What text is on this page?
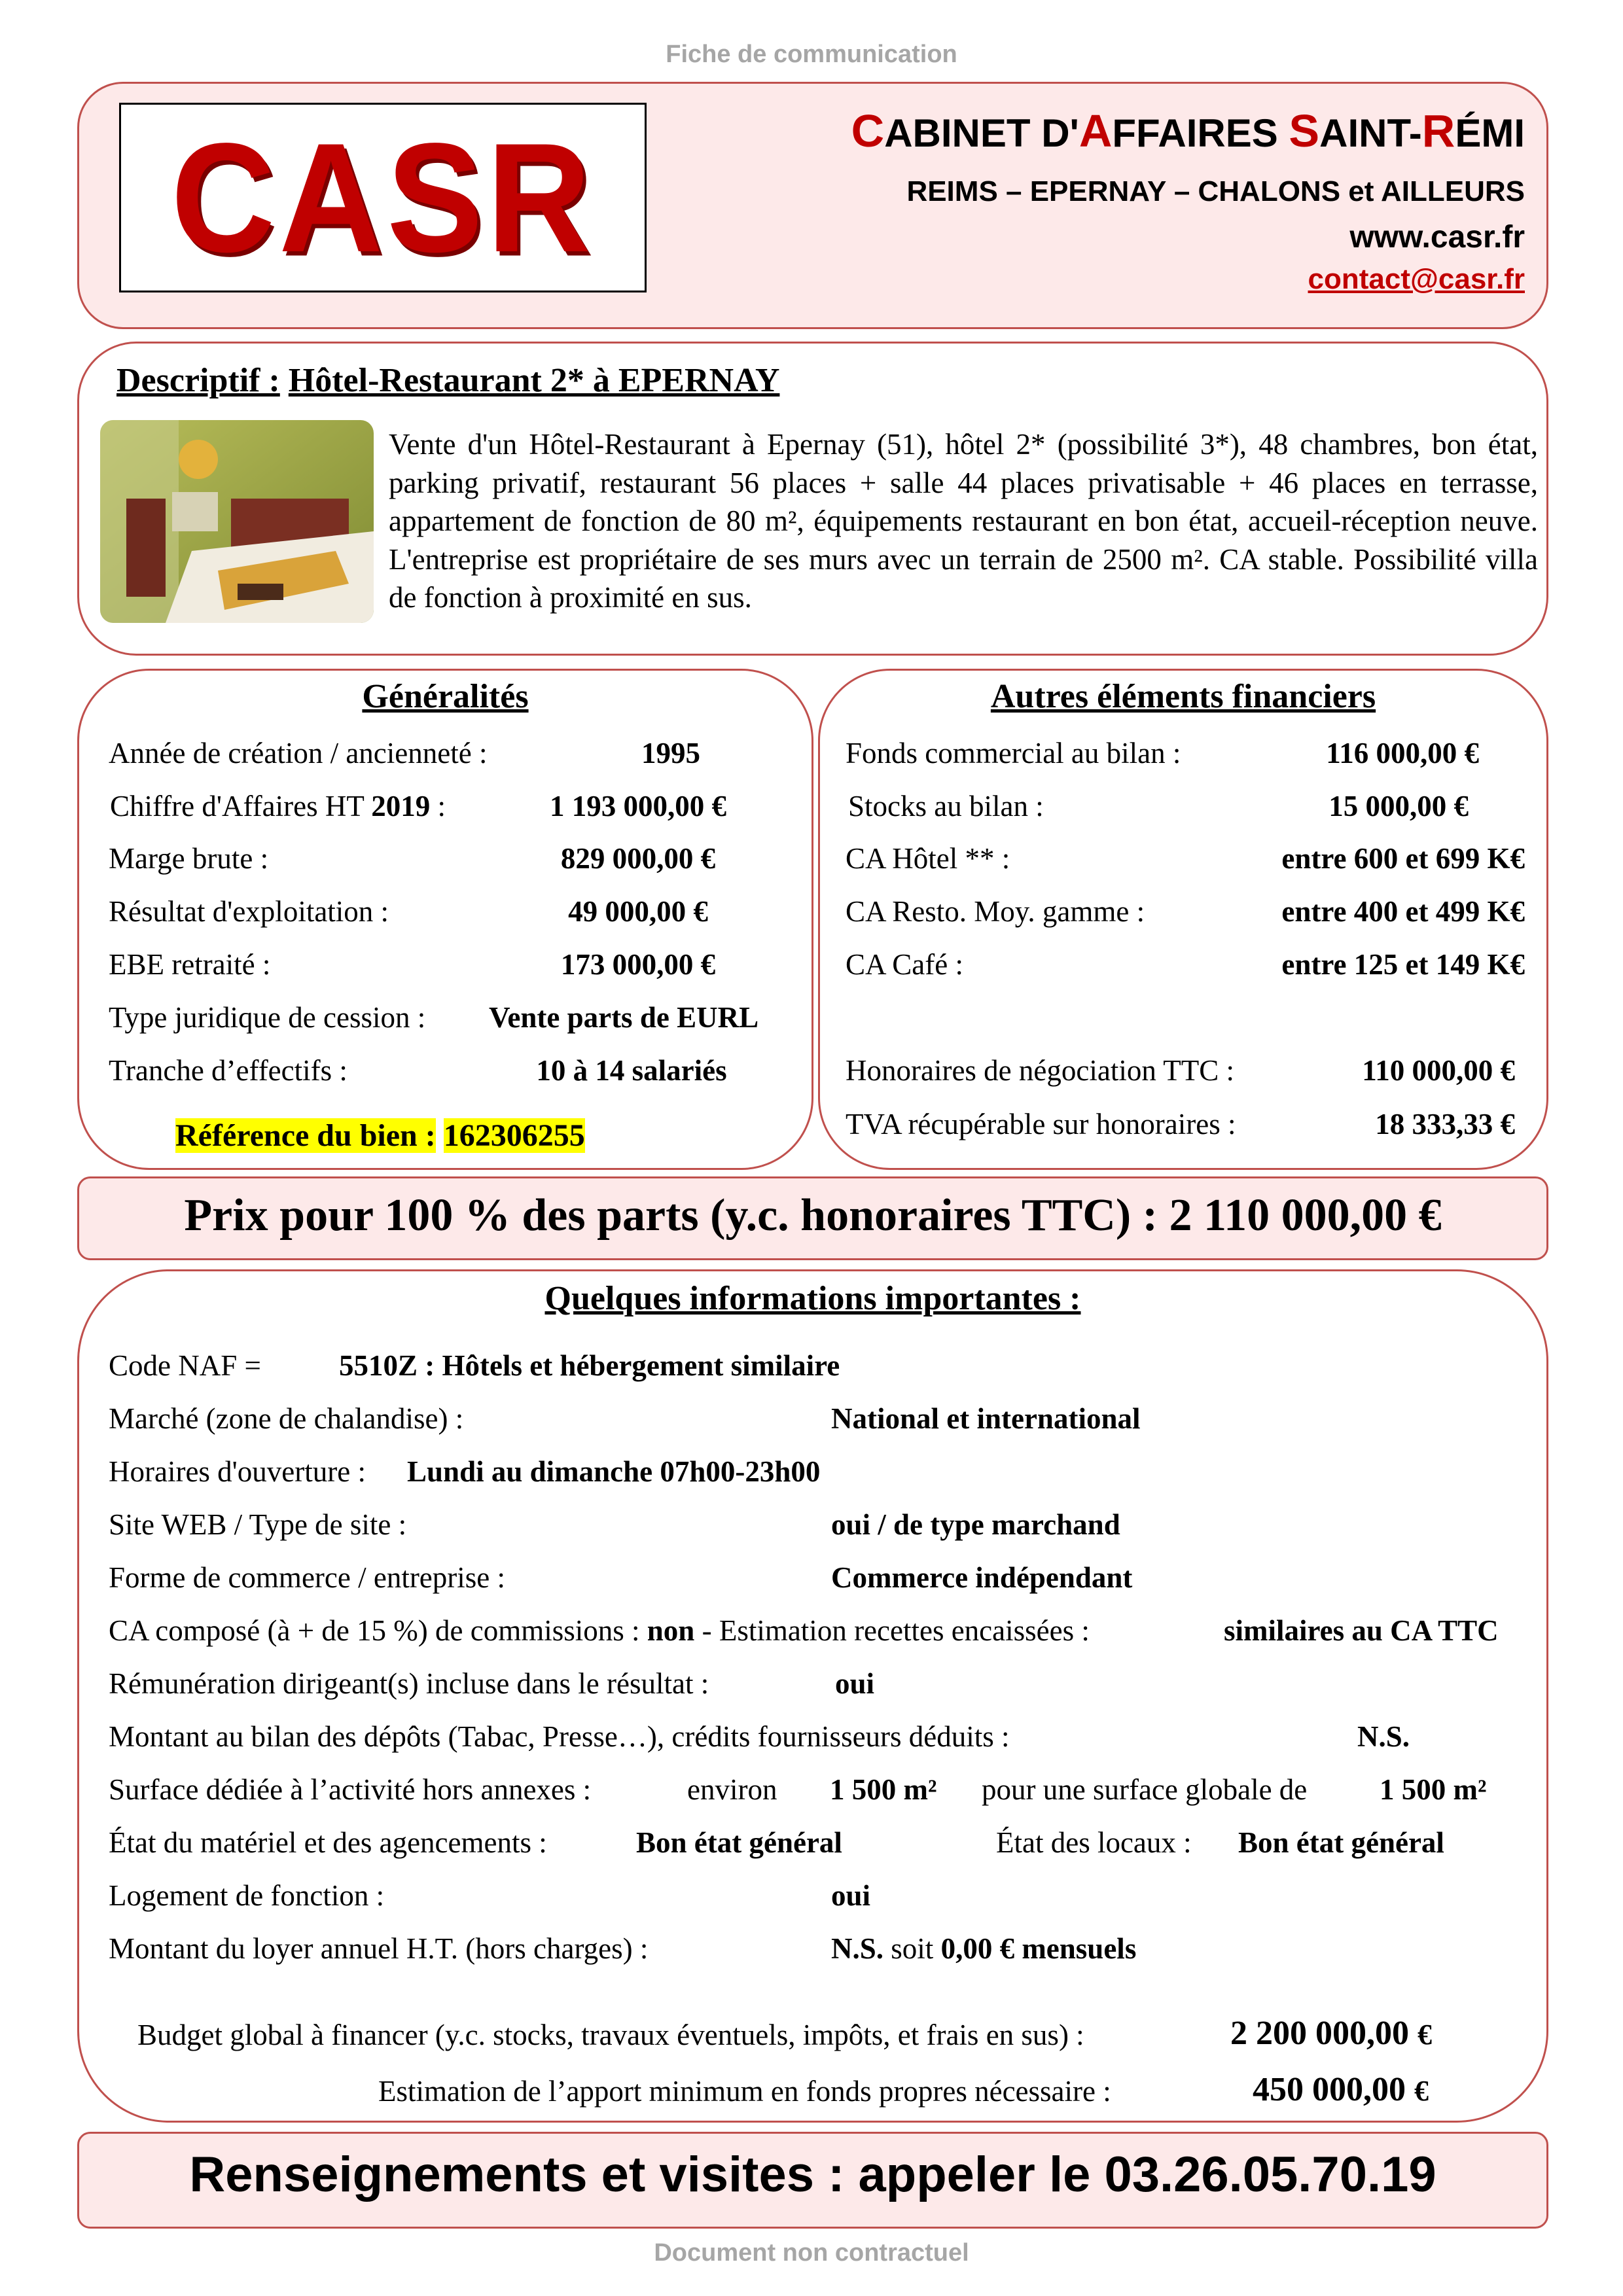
Fiche de communication
CASR	CABINET D'AFFAIRES SAINT-RÉMI
REIMS – EPERNAY – CHALONS et AILLEURS
www.casr.fr
contact@casr.fr
Descriptif : Hôtel-Restaurant 2* à EPERNAY
Vente d'un Hôtel-Restaurant à Epernay (51), hôtel 2* (possibilité 3*), 48 chambres, bon état, parking privatif, restaurant 56 places + salle 44 places privatisable + 46 places en terrasse, appartement de fonction de 80 m², équipements restaurant en bon état, accueil-réception neuve. L'entreprise est propriétaire de ses murs avec un terrain de 2500 m². CA stable. Possibilité villa de fonction à proximité en sus.
Généralités
Année de création / ancienneté :	1995
Chiffre d'Affaires HT 2019 :	1 193 000,00 €
Marge brute :	829 000,00 €
Résultat d'exploitation :	49 000,00 €
EBE retraité :	173 000,00 €
Type juridique de cession : Vente parts de EURL
Tranche d’effectifs :	10 à 14 salariés
Référence du bien : 162306255
Autres éléments financiers
Fonds commercial au bilan :	116 000,00 €
Stocks au bilan :	15 000,00 €
CA Hôtel ** :	entre 600 et 699 K€
CA Resto. Moy. gamme :	entre 400 et 499 K€
CA Café :	entre 125 et 149 K€
Honoraires de négociation TTC :	110 000,00 €
TVA récupérable sur honoraires :	18 333,33 €
Prix pour 100 % des parts (y.c. honoraires TTC) : 2 110 000,00 €
Quelques informations importantes :
Code NAF =	5510Z : Hôtels et hébergement similaire
Marché (zone de chalandise) :	National et international
Horaires d'ouverture : Lundi au dimanche 07h00-23h00
Site WEB / Type de site :	oui / de type marchand
Forme de commerce / entreprise :	Commerce indépendant
CA composé (à + de 15 %) de commissions : non - Estimation recettes encaissées :	similaires au CA TTC
Rémunération dirigeant(s) incluse dans le résultat :	oui
Montant au bilan des dépôts (Tabac, Presse…), crédits fournisseurs déduits :	N.S.
Surface dédiée à l’activité hors annexes :	environ 1 500 m² pour une surface globale de 1 500 m²
État du matériel et des agencements :	Bon état général	État des locaux : Bon état général
Logement de fonction :	oui
Montant du loyer annuel H.T. (hors charges) :	N.S. soit 0,00 € mensuels
Budget global à financer (y.c. stocks, travaux éventuels, impôts, et frais en sus) :	2 200 000,00 €
Estimation de l’apport minimum en fonds propres nécessaire :	450 000,00 €
Renseignements et visites : appeler le 03.26.05.70.19
Document non contractuel
